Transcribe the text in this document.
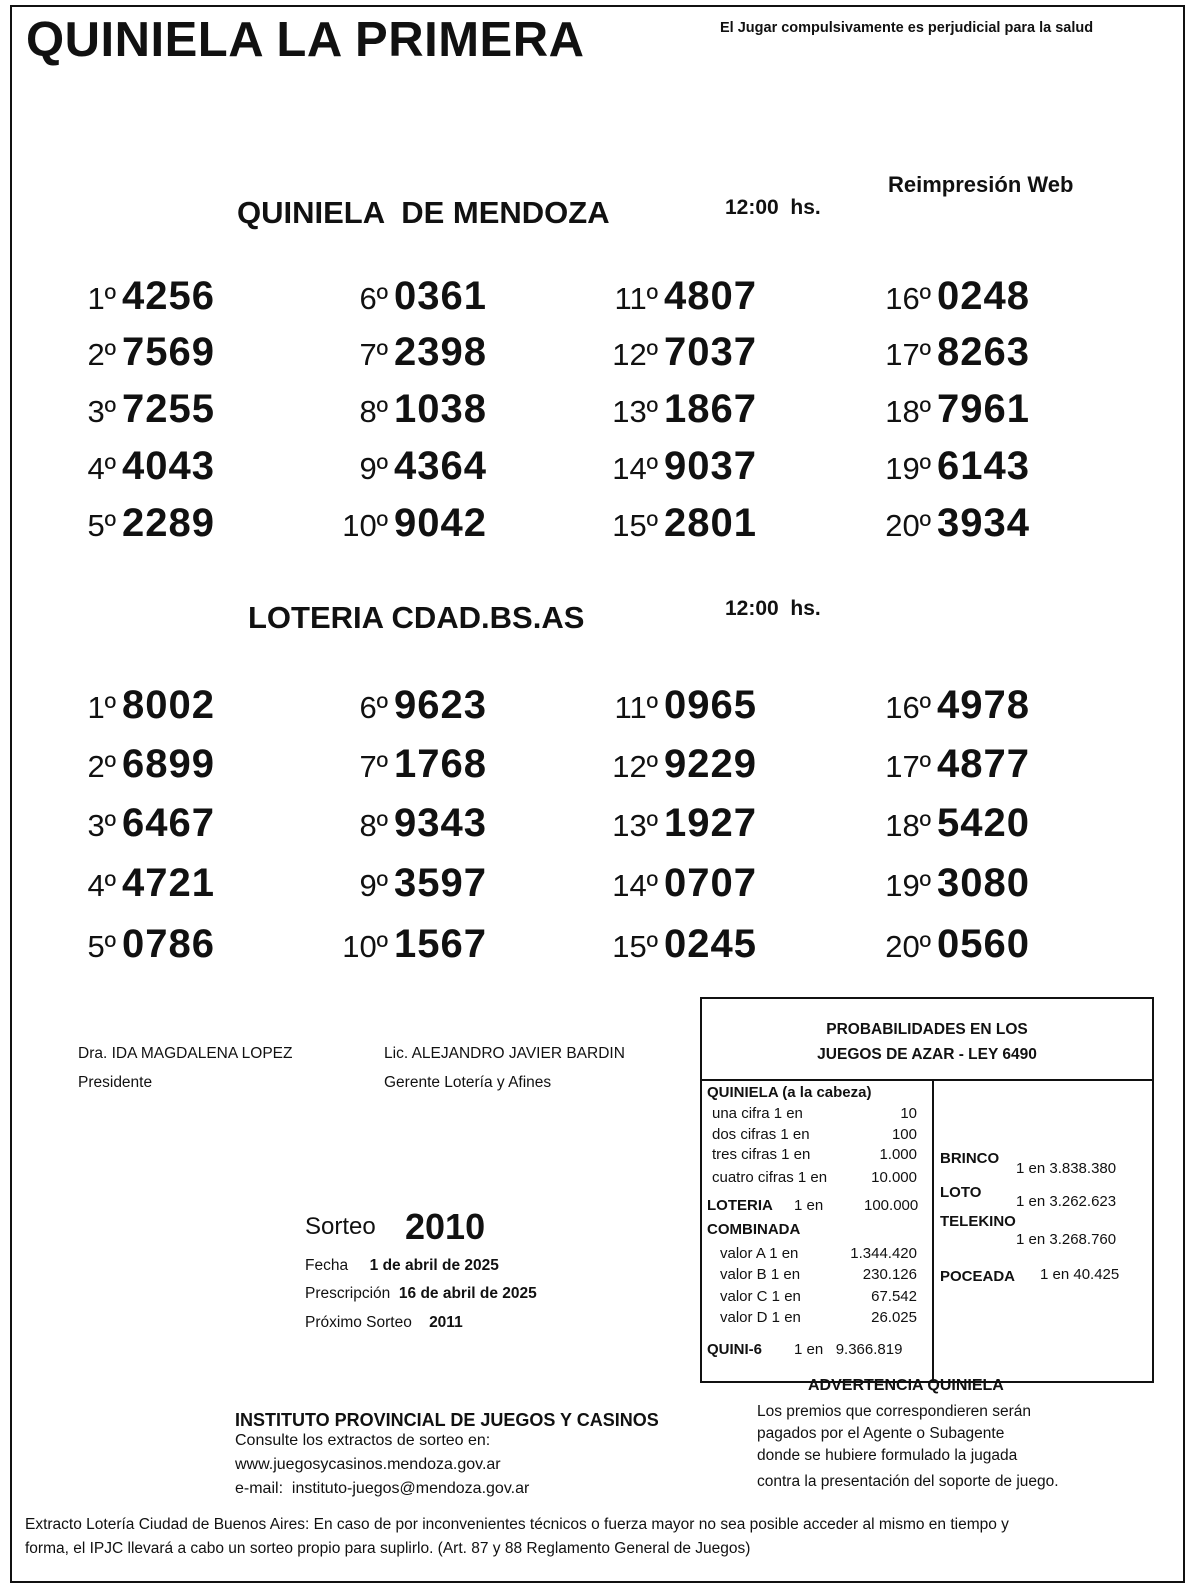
QUINIELA LA PRIMERA	El Jugar compulsivamente es perjudicial para la salud
Reimpresión Web
QUINIELA  DE MENDOZA	12:00  hs.
1º 4256
2º 7569
3º 7255
4º 4043
5º 2289
6º 0361
7º 2398
8º 1038
9º 4364
10º 9042
11º 4807
12º 7037
13º 1867
14º 9037
15º 2801
16º 0248
17º 8263
18º 7961
19º 6143
20º 3934
LOTERIA CDAD.BS.AS	12:00  hs.
1º 8002
2º 6899
3º 6467
4º 4721
5º 0786
6º 9623
7º 1768
8º 9343
9º 3597
10º 1567
11º 0965
12º 9229
13º 1927
14º 0707
15º 0245
16º 4978
17º 4877
18º 5420
19º 3080
20º 0560
Dra. IDA MAGDALENA LOPEZ
Presidente
Lic. ALEJANDRO JAVIER BARDIN
Gerente Lotería y Afines
Sorteo 2010
Fecha 1 de abril de 2025
Prescripción 16 de abril de 2025
Próximo Sorteo 2011
PROBABILIDADES EN LOS
JUEGOS DE AZAR - LEY 6490
QUINIELA (a la cabeza)
una cifra 1 en	10
dos cifras 1 en	100
tres cifras 1 en	1.000
cuatro cifras 1 en	10.000
LOTERIA 1 en	100.000
COMBINADA
valor A 1 en	1.344.420
valor B 1 en	230.126
valor C 1 en	67.542
valor D 1 en	26.025
QUINI-6 1 en   9.366.819
BRINCO
1 en 3.838.380
LOTO
1 en 3.262.623
TELEKINO
1 en 3.268.760
POCEADA 1 en 40.425
ADVERTENCIA QUINIELA
Los premios que correspondieren serán
pagados por el Agente o Subagente
donde se hubiere formulado la jugada
contra la presentación del soporte de juego.
INSTITUTO PROVINCIAL DE JUEGOS Y CASINOS
Consulte los extractos de sorteo en:
www.juegosycasinos.mendoza.gov.ar
e-mail:  instituto-juegos@mendoza.gov.ar
Extracto Lotería Ciudad de Buenos Aires: En caso de por inconvenientes técnicos o fuerza mayor no sea posible acceder al mismo en tiempo y
forma, el IPJC llevará a cabo un sorteo propio para suplirlo. (Art. 87 y 88 Reglamento General de Juegos)
